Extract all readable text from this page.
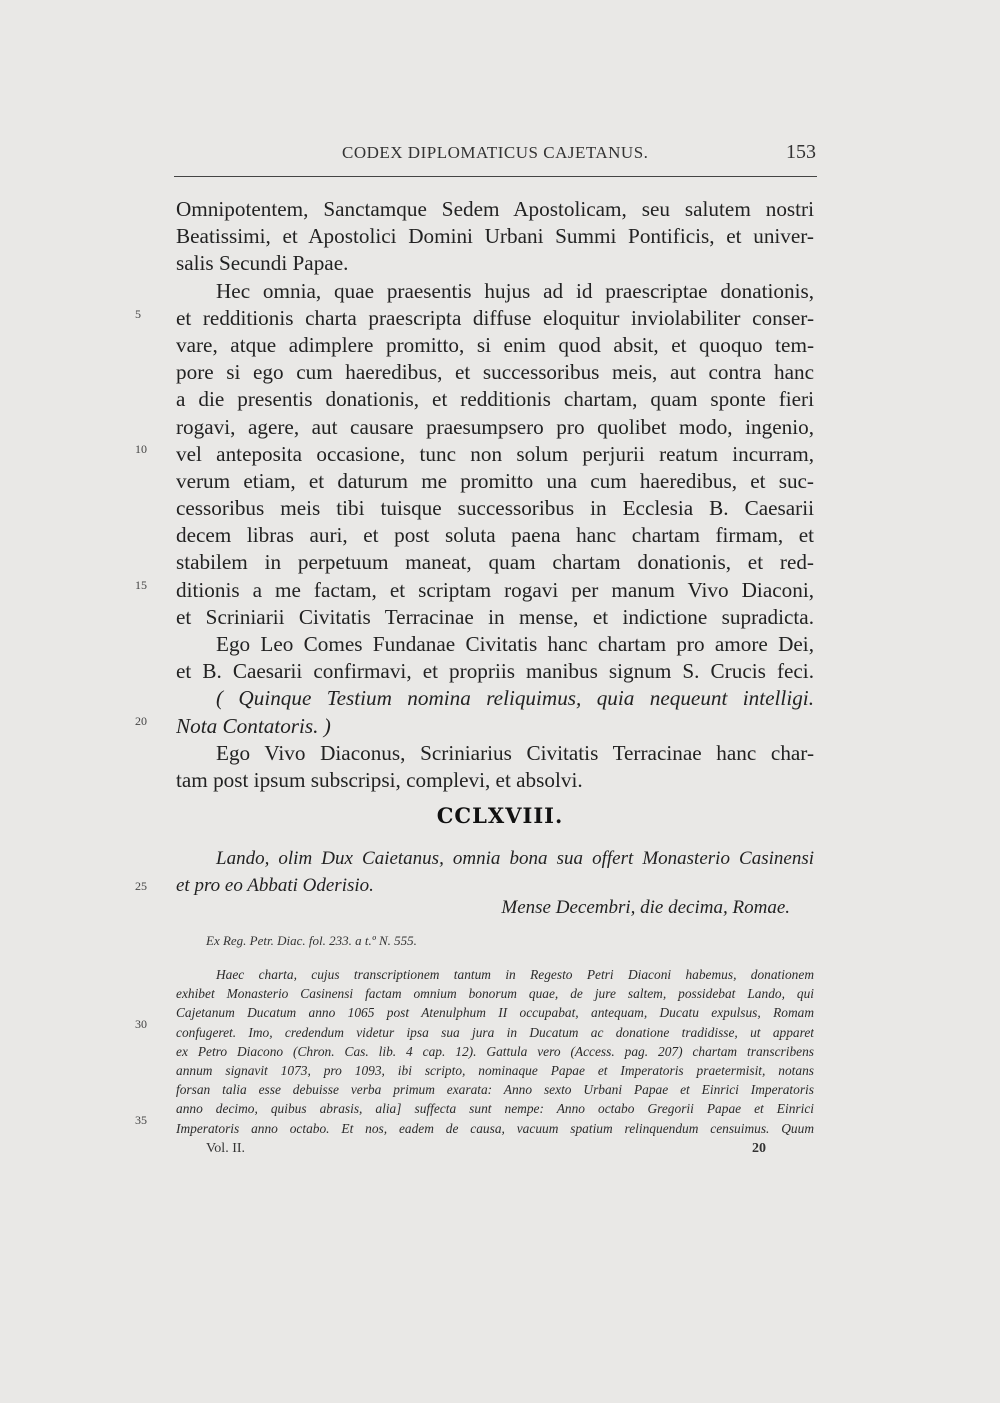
CODEX DIPLOMATICUS CAJETANUS.	153
Omnipotentem, Sanctamque Sedem Apostolicam, seu salutem nostri
Beatissimi, et Apostolici Domini Urbani Summi Pontificis, et univer-
salis Secundi Papae.
Hec omnia, quae praesentis hujus ad id praescriptae donationis,
et redditionis charta praescripta diffuse eloquitur inviolabiliter conser-
vare, atque adimplere promitto, si enim quod absit, et quoquo tem-
pore si ego cum haeredibus, et successoribus meis, aut contra hanc
a die presentis donationis, et redditionis chartam, quam sponte fieri
rogavi, agere, aut causare praesumpsero pro quolibet modo, ingenio,
vel anteposita occasione, tunc non solum perjurii reatum incurram,
verum etiam, et daturum me promitto una cum haeredibus, et suc-
cessoribus meis tibi tuisque successoribus in Ecclesia B. Caesarii
decem libras auri, et post soluta paena hanc chartam firmam, et
stabilem in perpetuum maneat, quam chartam donationis, et red-
ditionis a me factam, et scriptam rogavi per manum Vivo Diaconi,
et Scriniarii Civitatis Terracinae in mense, et indictione supradicta.
Ego Leo Comes Fundanae Civitatis hanc chartam pro amore Dei,
et B. Caesarii confirmavi, et propriis manibus signum S. Crucis feci.
( Quinque Testium nomina reliquimus, quia nequeunt intelligi.
Nota Contatoris. )
Ego Vivo Diaconus, Scriniarius Civitatis Terracinae hanc char-
tam post ipsum subscripsi, complevi, et absolvi.
5
10
15
20
25
30
35
CCLXVIII.
Lando, olim Dux Caietanus, omnia bona sua offert Monasterio Casinensi
et pro eo Abbati Oderisio.
Mense Decembri, die decima, Romae.
Ex Reg. Petr. Diac. fol. 233. a t.º N. 555.
Haec charta, cujus transcriptionem tantum in Regesto Petri Diaconi habemus, donationem
exhibet Monasterio Casinensi factam omnium bonorum quae, de jure saltem, possidebat Lando, qui
Cajetanum Ducatum anno 1065 post Atenulphum II occupabat, antequam, Ducatu expulsus, Romam
confugeret. Imo, credendum videtur ipsa sua jura in Ducatum ac donatione tradidisse, ut apparet
ex Petro Diacono (Chron. Cas. lib. 4 cap. 12). Gattula vero (Access. pag. 207) chartam transcribens
annum signavit 1073, pro 1093, ibi scripto, nominaque Papae et Imperatoris praetermisit, notans
forsan talia esse debuisse verba primum exarata: Anno sexto Urbani Papae et Einrici Imperatoris
anno decimo, quibus abrasis, alia] suffecta sunt nempe: Anno octabo Gregorii Papae et Einrici
Imperatoris anno octabo. Et nos, eadem de causa, vacuum spatium relinquendum censuimus. Quum
Vol. II.	20
